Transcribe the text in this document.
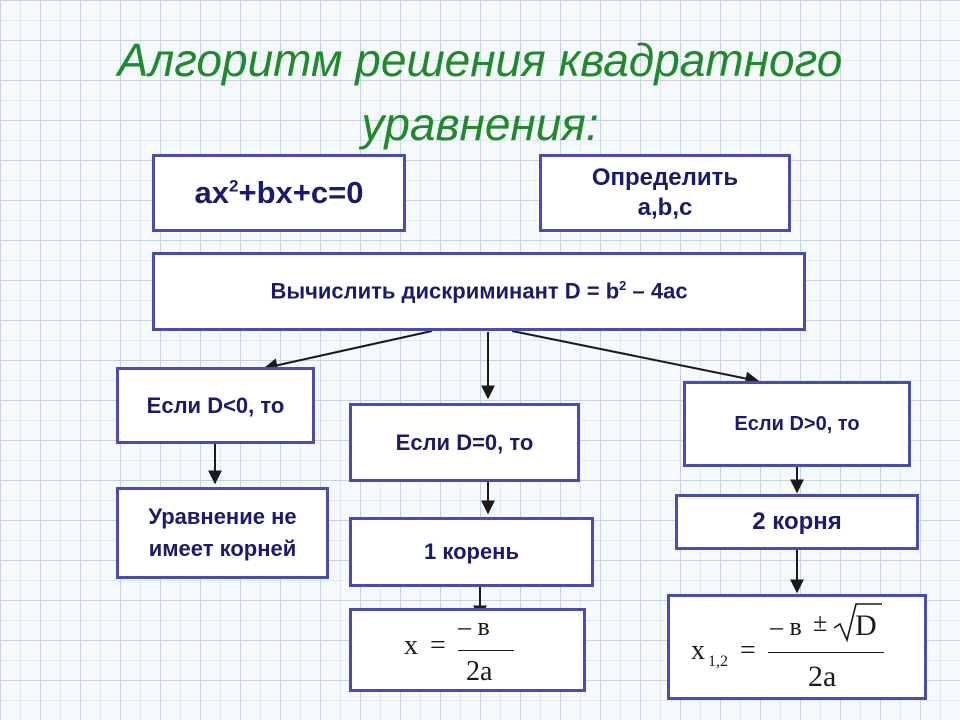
Алгоритм решения квадратного
уравнения:
$ax^2+bx+c=0$	Определить
a,b,c
Вычислить дискриминант $D = b^2 - 4ac$
Если D<0, то
Уравнение не
имеет корней
Если D=0, то
1 корень
x =
– в
2a
Если D>0, то
2 корня
x 1,2 =
– в ± D
2a
